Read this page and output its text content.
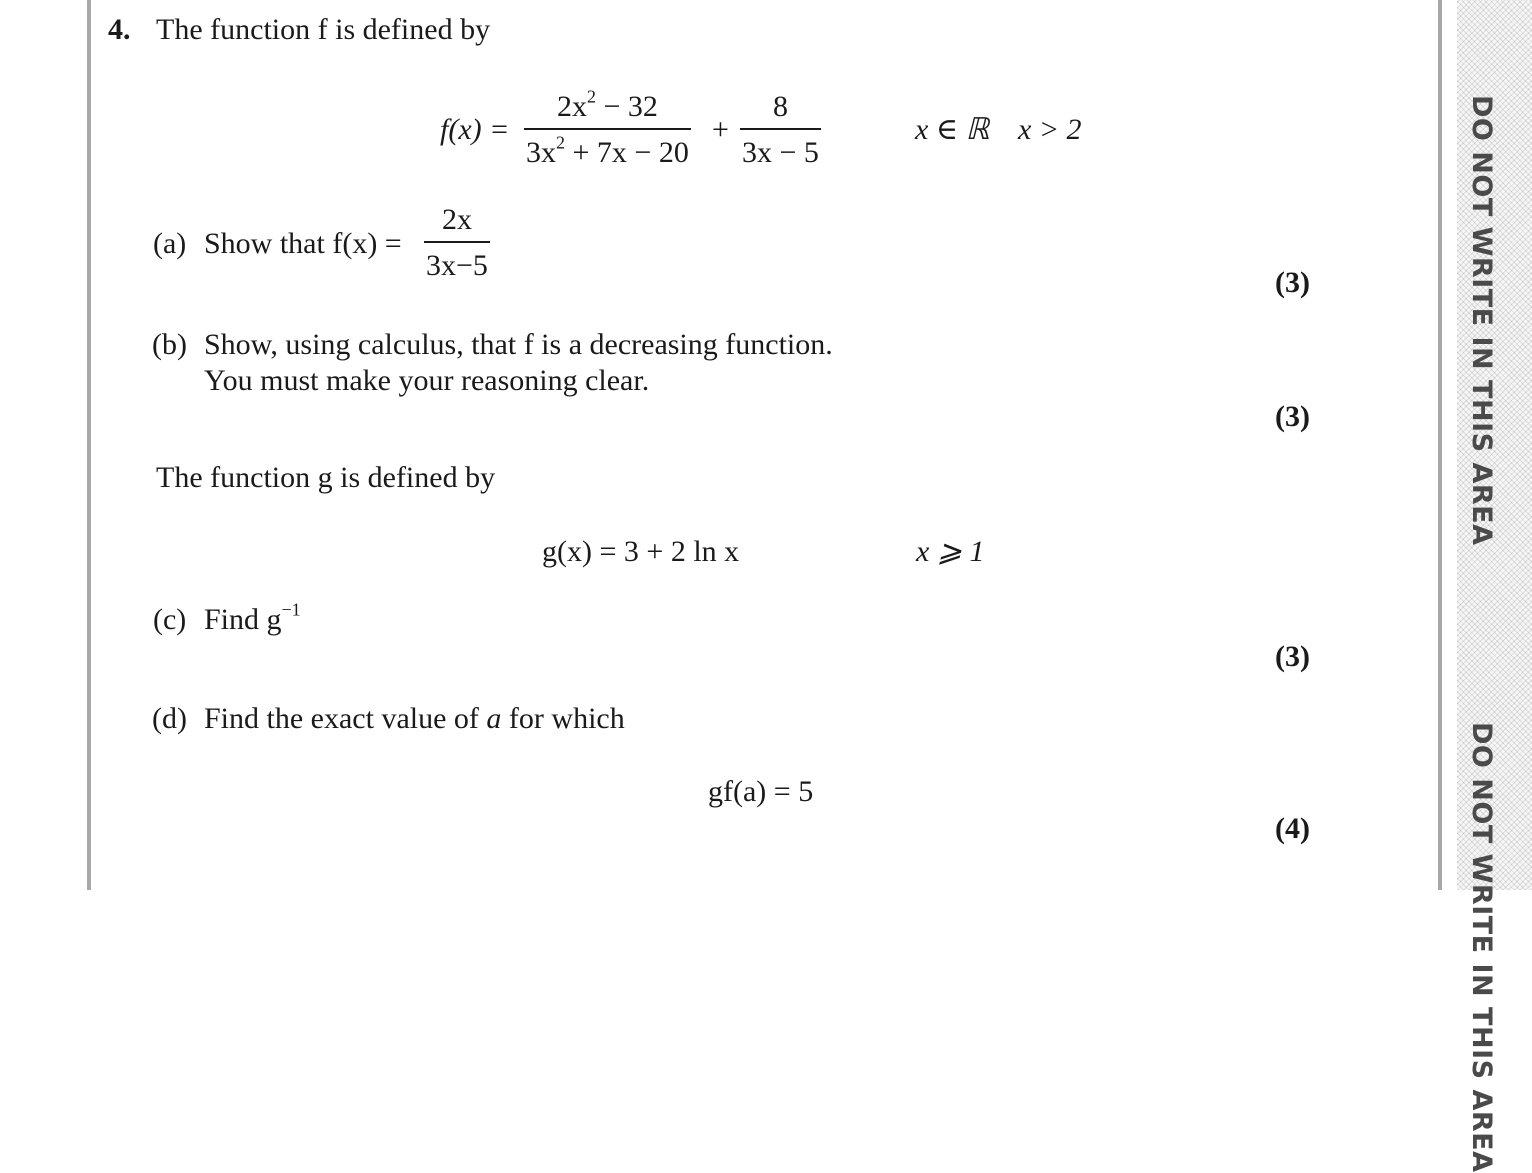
DO NOT WRITE IN THIS AREA
DO NOT WRITE IN THIS AREA
4. The function f is defined by
f(x) =
$2x^2 - 32$
$3x^2 + 7x - 20$
+
8
3x − 5
x ∈ ℝ x > 2
(a) Show that f(x) =
2x
3x−5
(3)
(b) Show, using calculus, that f is a decreasing function.
You must make your reasoning clear.
(3)
The function g is defined by
g(x) = 3 + 2 ln x	x ⩾ 1
(c) Find $g^{-1}$
(3)
(d) Find the exact value of a for which
gf(a) = 5
(4)
